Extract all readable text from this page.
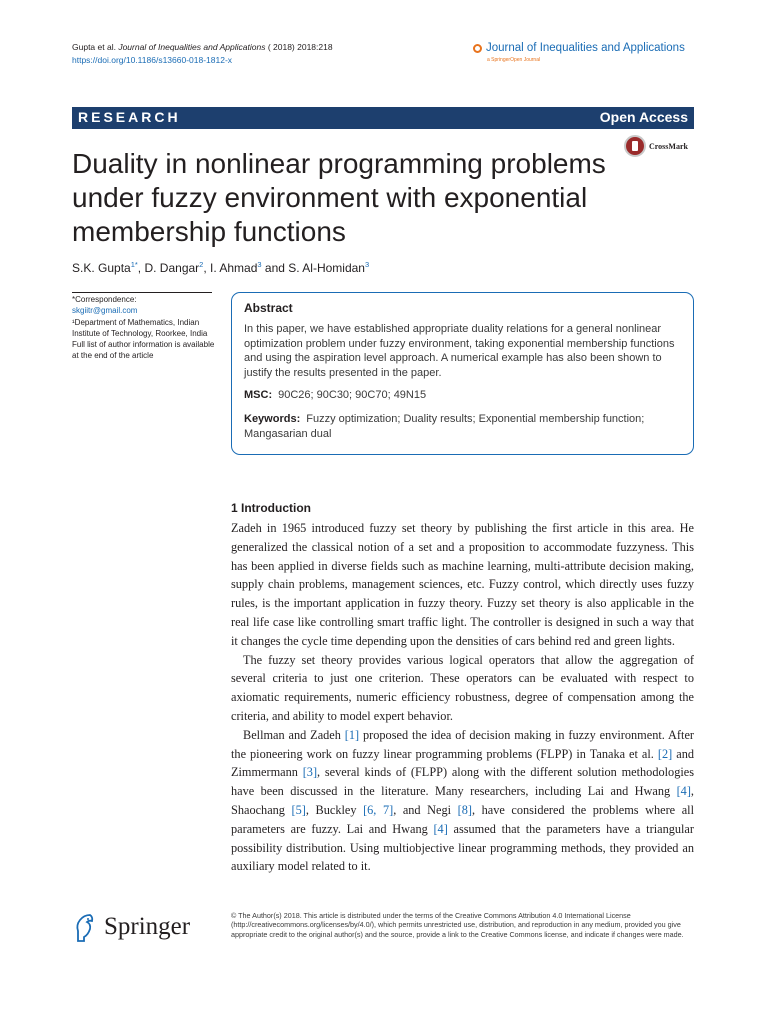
Gupta et al. Journal of Inequalities and Applications ( 2018) 2018:218
https://doi.org/10.1186/s13660-018-1812-x
Journal of Inequalities and Applications
a SpringerOpen Journal
RESEARCH	Open Access
CrossMark
Duality in nonlinear programming problems under fuzzy environment with exponential membership functions
S.K. Gupta$^{1*}$, D. Dangar$^2$, I. Ahmad$^3$ and S. Al-Homidan$^3$
*Correspondence:
skgiitr@gmail.com
¹Department of Mathematics, Indian Institute of Technology, Roorkee, India
Full list of author information is available at the end of the article
Abstract
In this paper, we have established appropriate duality relations for a general nonlinear optimization problem under fuzzy environment, taking exponential membership functions and using the aspiration level approach. A numerical example has also been shown to justify the results presented in the paper.
MSC: 90C26; 90C30; 90C70; 49N15
Keywords: Fuzzy optimization; Duality results; Exponential membership function; Mangasarian dual
1 Introduction

Zadeh in 1965 introduced fuzzy set theory by publishing the first article in this area. He generalized the classical notion of a set and a proposition to accommodate fuzzyness. This has been applied in diverse fields such as machine learning, multi-attribute decision making, supply chain problems, management sciences, etc. Fuzzy control, which directly uses fuzzy rules, is the important application in fuzzy theory. Fuzzy set theory is also applicable in the real life case like controlling smart traffic light. The controller is designed in such a way that it changes the cycle time depending upon the densities of cars behind red and green lights.

The fuzzy set theory provides various logical operators that allow the aggregation of several criteria to just one criterion. These operators can be evaluated with respect to axiomatic requirements, numeric efficiency robustness, degree of compensation among the criteria, and ability to model expert behavior.

Bellman and Zadeh [1] proposed the idea of decision making in fuzzy environment. After the pioneering work on fuzzy linear programming problems (FLPP) in Tanaka et al. [2] and Zimmermann [3], several kinds of (FLPP) along with the different solution methodologies have been discussed in the literature. Many researchers, including Lai and Hwang [4], Shaochang [5], Buckley [6, 7], and Negi [8], have considered the problems where all parameters are fuzzy. Lai and Hwang [4] assumed that the parameters have a triangular possibility distribution. Using multiobjective linear programming methods, they provided an auxiliary model related to it.

Springer	© The Author(s) 2018. This article is distributed under the terms of the Creative Commons Attribution 4.0 International License (http://creativecommons.org/licenses/by/4.0/), which permits unrestricted use, distribution, and reproduction in any medium, provided you give appropriate credit to the original author(s) and the source, provide a link to the Creative Commons license, and indicate if changes were made.
